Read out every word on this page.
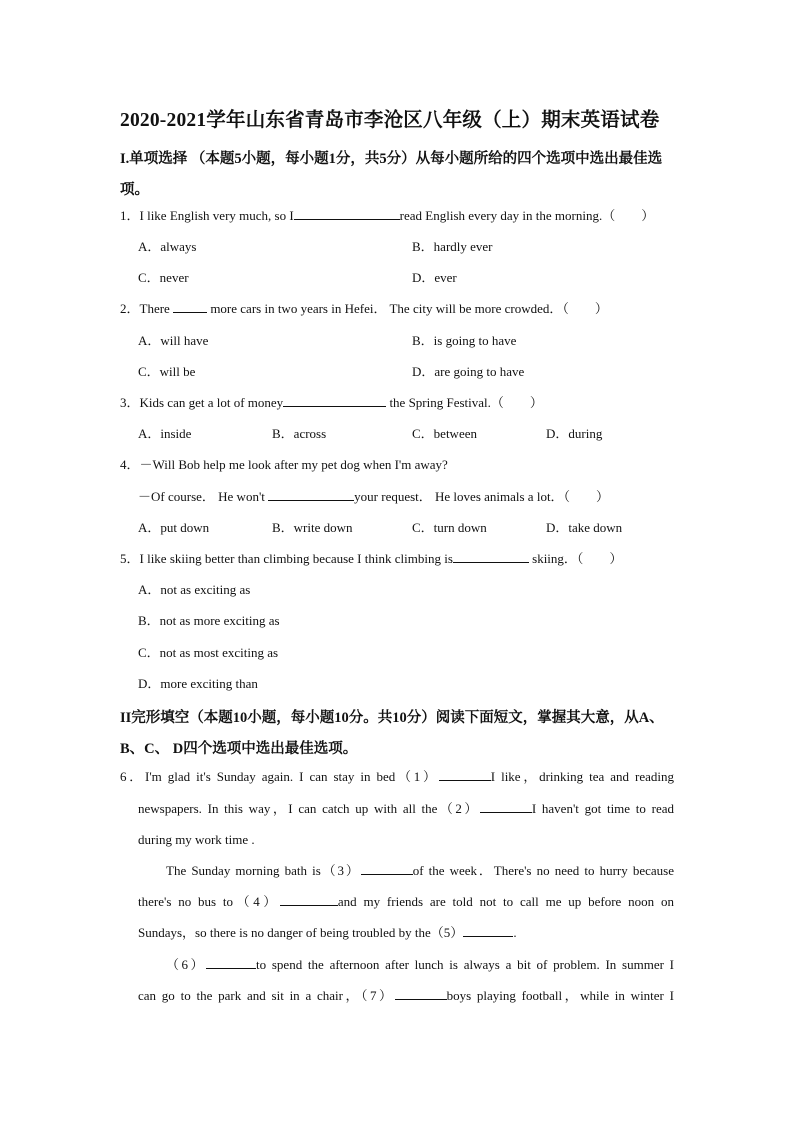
2020-2021学年山东省青岛市李沧区八年级（上）期末英语试卷
I.单项选择 （本题5小题，每小题1分，共5分）从每小题所给的四个选项中选出最佳选
项。
1．I like English very much, so I	read English every day in the morning.（　　）
A．always	B．hardly ever
C．never	D．ever
2．There	more cars in two years in Hefei． The city will be more crowded．（　　）
A．will have	B．is going to have
C．will be	D．are going to have
3．Kids can get a lot of money	the Spring Festival.（　　）
A．inside	B．across	C．between	D．during
4．－Will Bob help me look after my pet dog when I'm away?
－Of course． He won't	your request． He loves animals a lot．（　　）
A．put down	B．write down	C．turn down	D．take down
5．I like skiing better than climbing because I think climbing is	skiing．（　　）
A．not as exciting as
B．not as more exciting as
C．not as most exciting as
D．more exciting than
II完形填空（本题10小题，每小题10分。共10分）阅读下面短文，掌握其大意，从A、
B、C、 D四个选项中选出最佳选项。
6．I'm glad it's Sunday again. I can stay in bed（1）	I like，drinking tea and reading
newspapers. In this way，I can catch up with all the（2）	I haven't got time to read
during my work time .
The Sunday morning bath is（3）	of the week．There's no need to hurry because
there's no bus to（4）	and my friends are told not to call me up before noon on
Sundays，so there is no danger of being troubled by the（5）	.
（6）	to spend the afternoon after lunch is always a bit of problem. In summer I
can go to the park and sit in a chair，（7）	boys playing football，while in winter I
